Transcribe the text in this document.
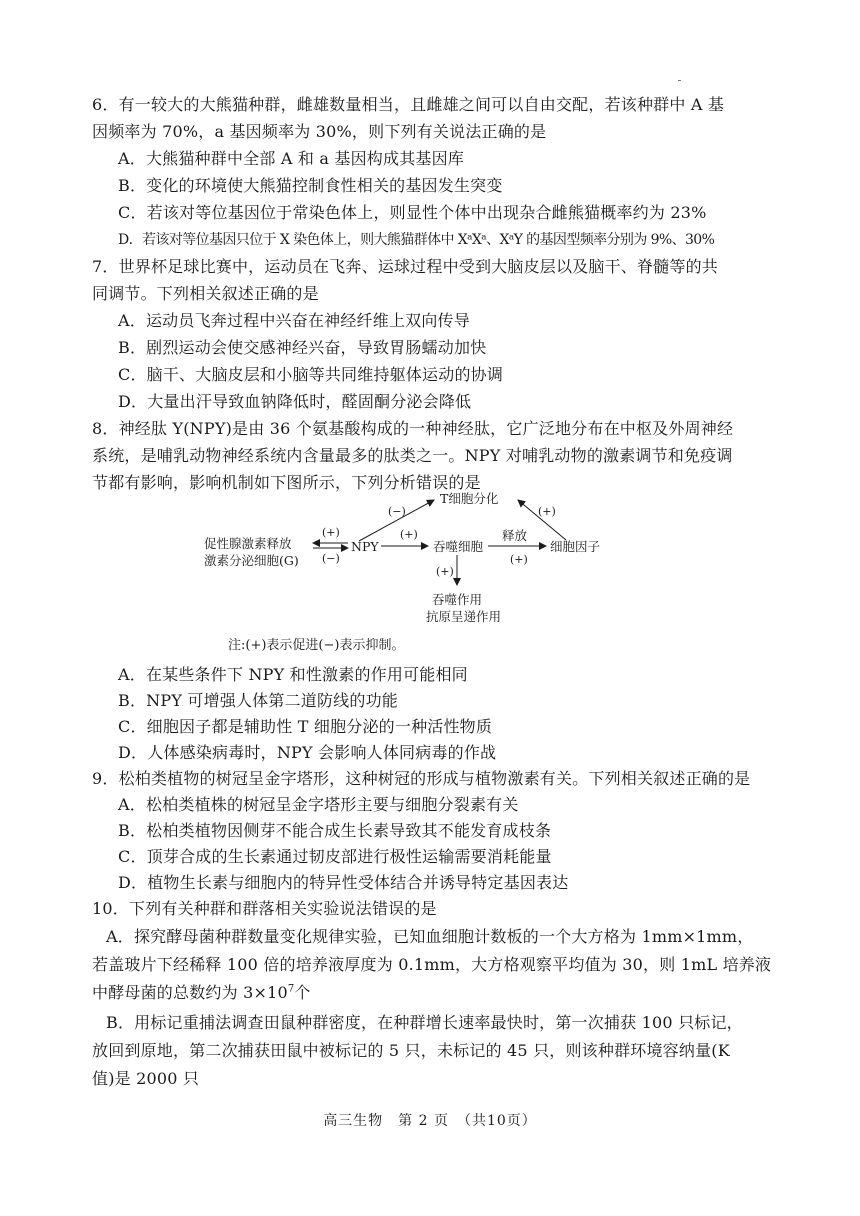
6．有一较大的大熊猫种群，雌雄数量相当，且雌雄之间可以自由交配，若该种群中 A 基
因频率为 70%，a 基因频率为 30%，则下列有关说法正确的是
A．大熊猫种群中全部 A 和 a 基因构成其基因库
B．变化的环境使大熊猫控制食性相关的基因发生突变
C．若该对等位基因位于常染色体上，则显性个体中出现杂合雌熊猫概率约为 23%
D．若该对等位基因只位于 X 染色体上，则大熊猫群体中 XᵃXᵃ、XᵃY 的基因型频率分别为 9%、30%
7．世界杯足球比赛中，运动员在飞奔、运球过程中受到大脑皮层以及脑干、脊髓等的共
同调节。下列相关叙述正确的是
A．运动员飞奔过程中兴奋在神经纤维上双向传导
B．剧烈运动会使交感神经兴奋，导致胃肠蠕动加快
C．脑干、大脑皮层和小脑等共同维持躯体运动的协调
D．大量出汗导致血钠降低时，醛固酮分泌会降低
8．神经肽 Y(NPY)是由 36 个氨基酸构成的一种神经肽，它广泛地分布在中枢及外周神经
系统，是哺乳动物神经系统内含量最多的肽类之一。NPY 对哺乳动物的激素调节和免疫调
节都有影响，影响机制如下图所示，下列分析错误的是
T细胞分化
(−)	(+)
促性腺激素释放
激素分泌细胞(G)
(+)
(−)
NPY
(+)
吞噬细胞
释放
(+)
细胞因子
(+)
吞噬作用
抗原呈递作用
注:(+)表示促进(−)表示抑制。
A．在某些条件下 NPY 和性激素的作用可能相同
B．NPY 可增强人体第二道防线的功能
C．细胞因子都是辅助性 T 细胞分泌的一种活性物质
D．人体感染病毒时，NPY 会影响人体同病毒的作战
9．松柏类植物的树冠呈金字塔形，这种树冠的形成与植物激素有关。下列相关叙述正确的是
A．松柏类植株的树冠呈金字塔形主要与细胞分裂素有关
B．松柏类植物因侧芽不能合成生长素导致其不能发育成枝条
C．顶芽合成的生长素通过韧皮部进行极性运输需要消耗能量
D．植物生长素与细胞内的特异性受体结合并诱导特定基因表达
10．下列有关种群和群落相关实验说法错误的是
A．探究酵母菌种群数量变化规律实验，已知血细胞计数板的一个大方格为 1mm×1mm，
若盖玻片下经稀释 100 倍的培养液厚度为 0.1mm，大方格观察平均值为 30，则 1mL 培养液
中酵母菌的总数约为 $3\times 10^7$个
B．用标记重捕法调查田鼠种群密度，在种群增长速率最快时，第一次捕获 100 只标记，
放回到原地，第二次捕获田鼠中被标记的 5 只，未标记的 45 只，则该种群环境容纳量(K
值)是 2000 只
高三生物　第 2 页　（共10页）
